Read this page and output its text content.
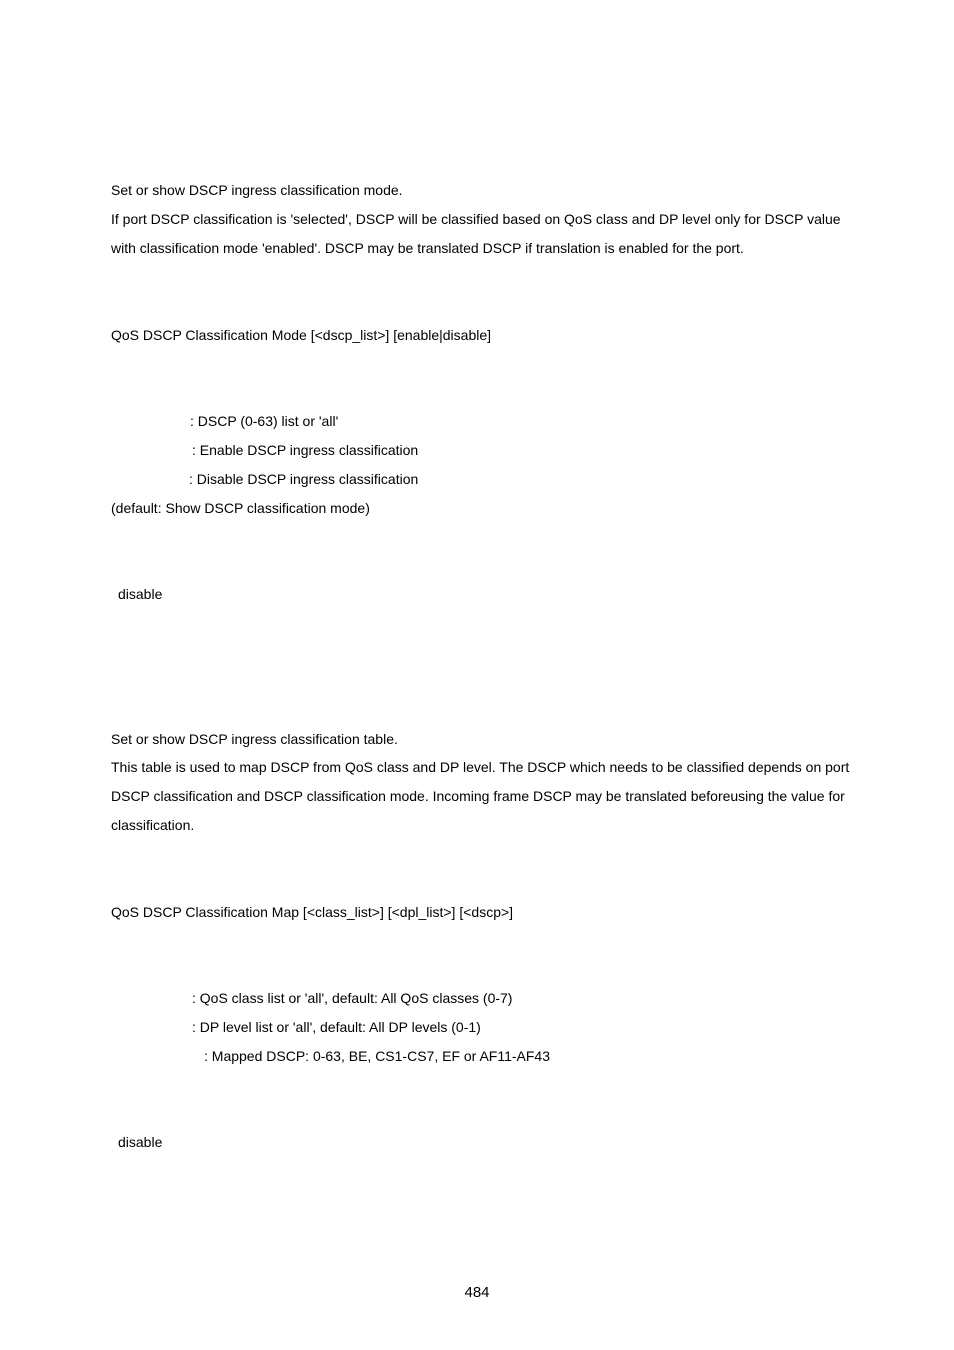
Set or show DSCP ingress classification mode.
If port DSCP classification is 'selected', DSCP will be classified based on QoS class and DP level only for DSCP value
with classification mode 'enabled'. DSCP may be translated DSCP if translation is enabled for the port.
QoS DSCP Classification Mode [<dscp_list>] [enable|disable]
: DSCP (0-63) list or 'all'
: Enable DSCP ingress classification
: Disable DSCP ingress classification
(default: Show DSCP classification mode)
disable
Set or show DSCP ingress classification table.
This table is used to map DSCP from QoS class and DP level. The DSCP which needs to be classified depends on port
DSCP classification and DSCP classification mode. Incoming frame DSCP may be translated beforeusing the value for
classification.
QoS DSCP Classification Map [<class_list>] [<dpl_list>] [<dscp>]
: QoS class list or 'all', default: All QoS classes (0-7)
: DP level list or 'all', default: All DP levels (0-1)
: Mapped DSCP: 0-63, BE, CS1-CS7, EF or AF11-AF43
disable
484
